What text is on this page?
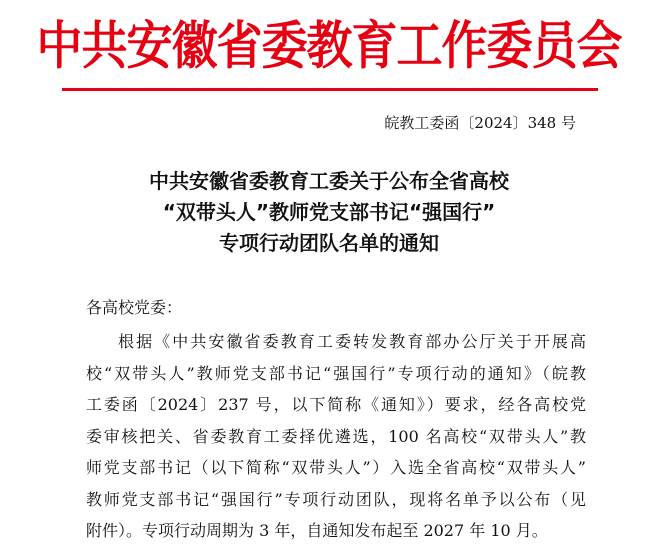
中共安徽省委教育工作委员会
皖教工委函〔2024〕348 号
中共安徽省委教育工委关于公布全省高校
“双带头人”教师党支部书记“强国行”
专项行动团队名单的通知
各高校党委：
根据《中共安徽省委教育工委转发教育部办公厅关于开展高
校“双带头人”教师党支部书记“强国行”专项行动的通知》（皖教
工委函〔2024〕237 号，以下简称《通知》）要求，经各高校党
委审核把关、省委教育工委择优遴选，100 名高校“双带头人”教
师党支部书记（以下简称“双带头人”）入选全省高校“双带头人”
教师党支部书记“强国行”专项行动团队，现将名单予以公布（见
附件）。专项行动周期为 3 年，自通知发布起至 2027 年 10 月。
